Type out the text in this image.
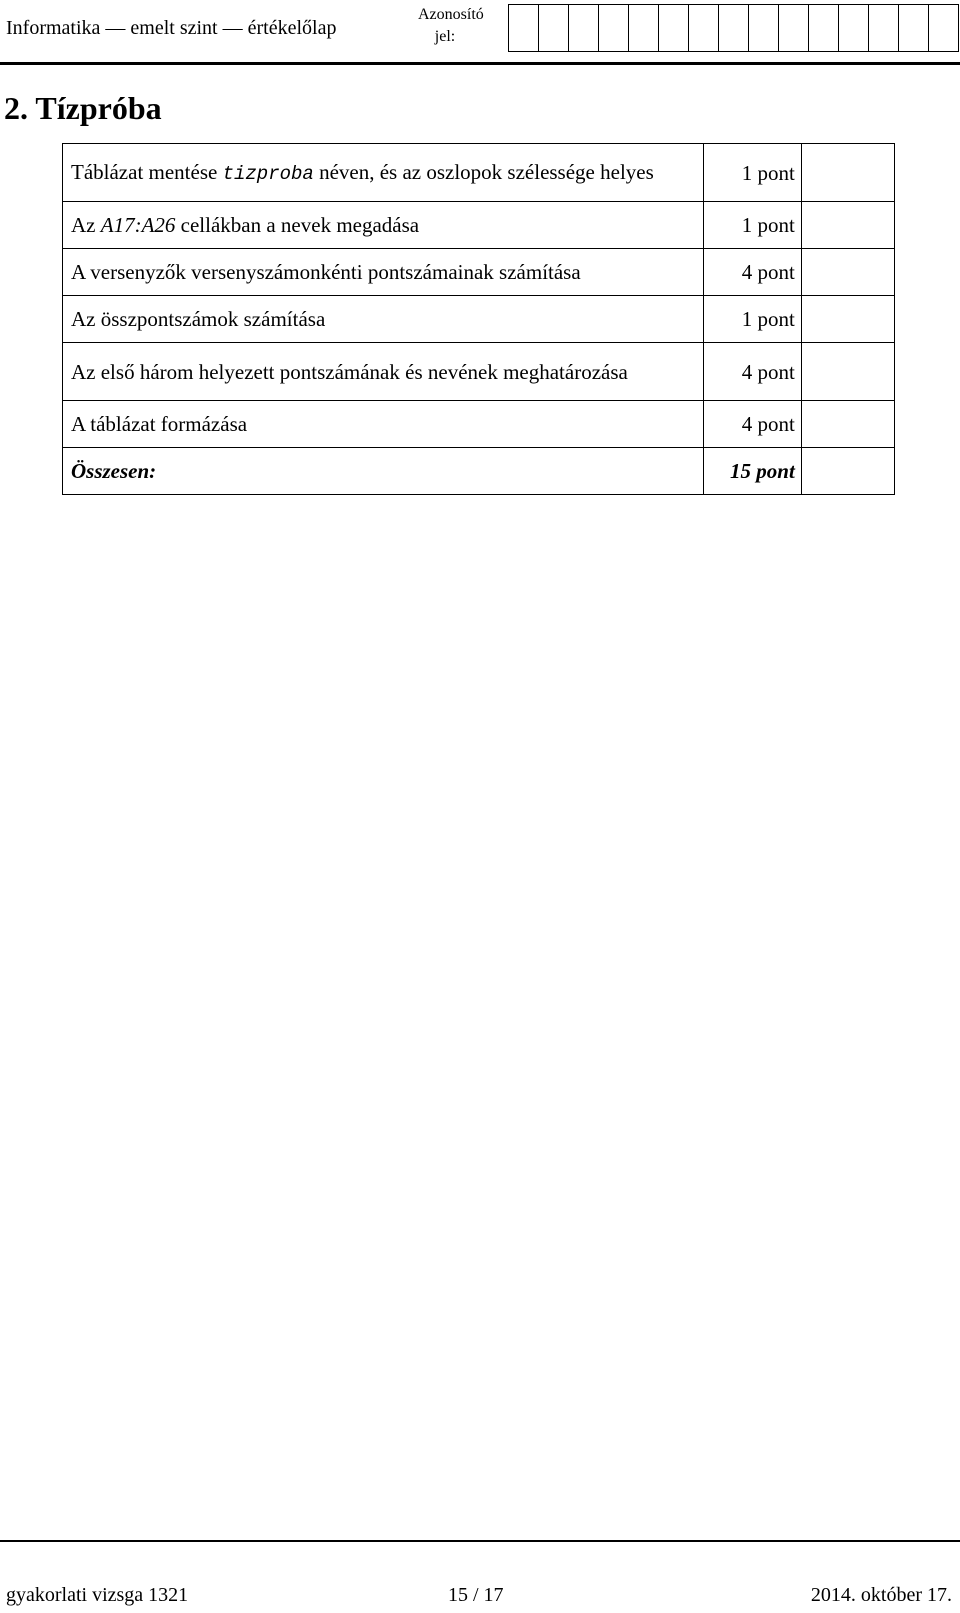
Informatika — emelt szint — értékelőlap
Azonosító
jel:
2. Tízpróba
Táblázat mentése tizproba néven, és az oszlopok szélessége helyes	1 pont	
Az A17:A26 cellákban a nevek megadása	1 pont	
A versenyzők versenyszámonkénti pontszámainak számítása	4 pont	
Az összpontszámok számítása	1 pont	
Az első három helyezett pontszámának és nevének meghatározása	4 pont	
A táblázat formázása	4 pont	
Összesen:	15 pont	
gyakorlati vizsga 1321	15 / 17	2014. október 17.
